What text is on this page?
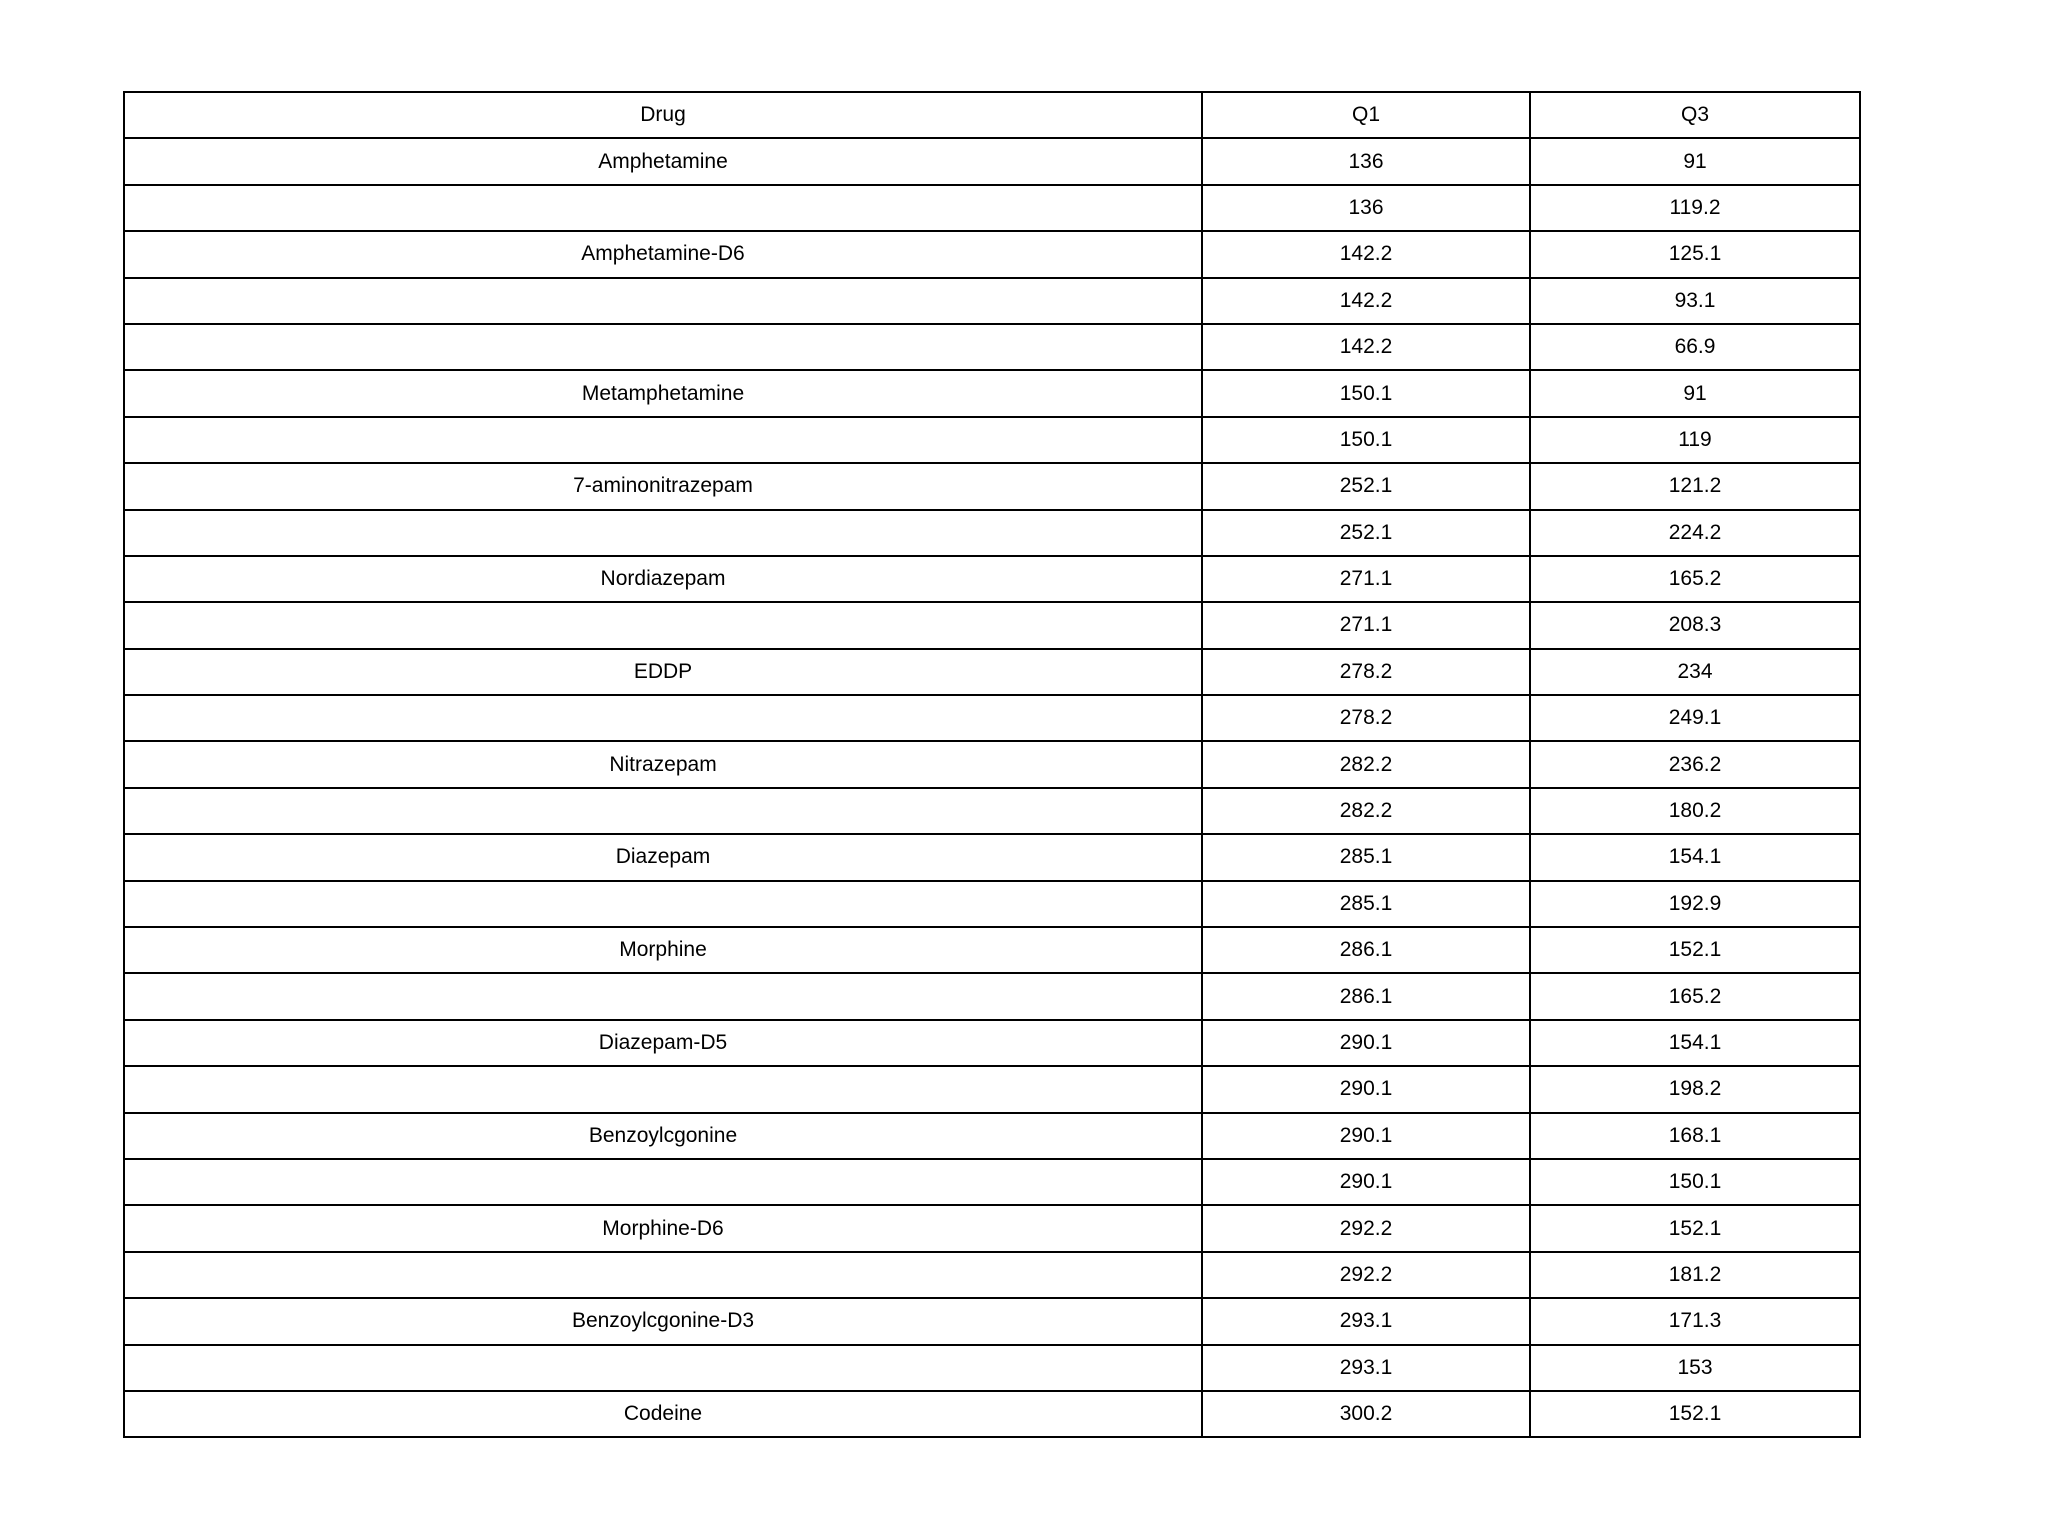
Drug	Q1	Q3
Amphetamine	136	91
	136	119.2
Amphetamine-D6	142.2	125.1
	142.2	93.1
	142.2	66.9
Metamphetamine	150.1	91
	150.1	119
7-aminonitrazepam	252.1	121.2
	252.1	224.2
Nordiazepam	271.1	165.2
	271.1	208.3
EDDP	278.2	234
	278.2	249.1
Nitrazepam	282.2	236.2
	282.2	180.2
Diazepam	285.1	154.1
	285.1	192.9
Morphine	286.1	152.1
	286.1	165.2
Diazepam-D5	290.1	154.1
	290.1	198.2
Benzoylcgonine	290.1	168.1
	290.1	150.1
Morphine-D6	292.2	152.1
	292.2	181.2
Benzoylcgonine-D3	293.1	171.3
	293.1	153
Codeine	300.2	152.1
